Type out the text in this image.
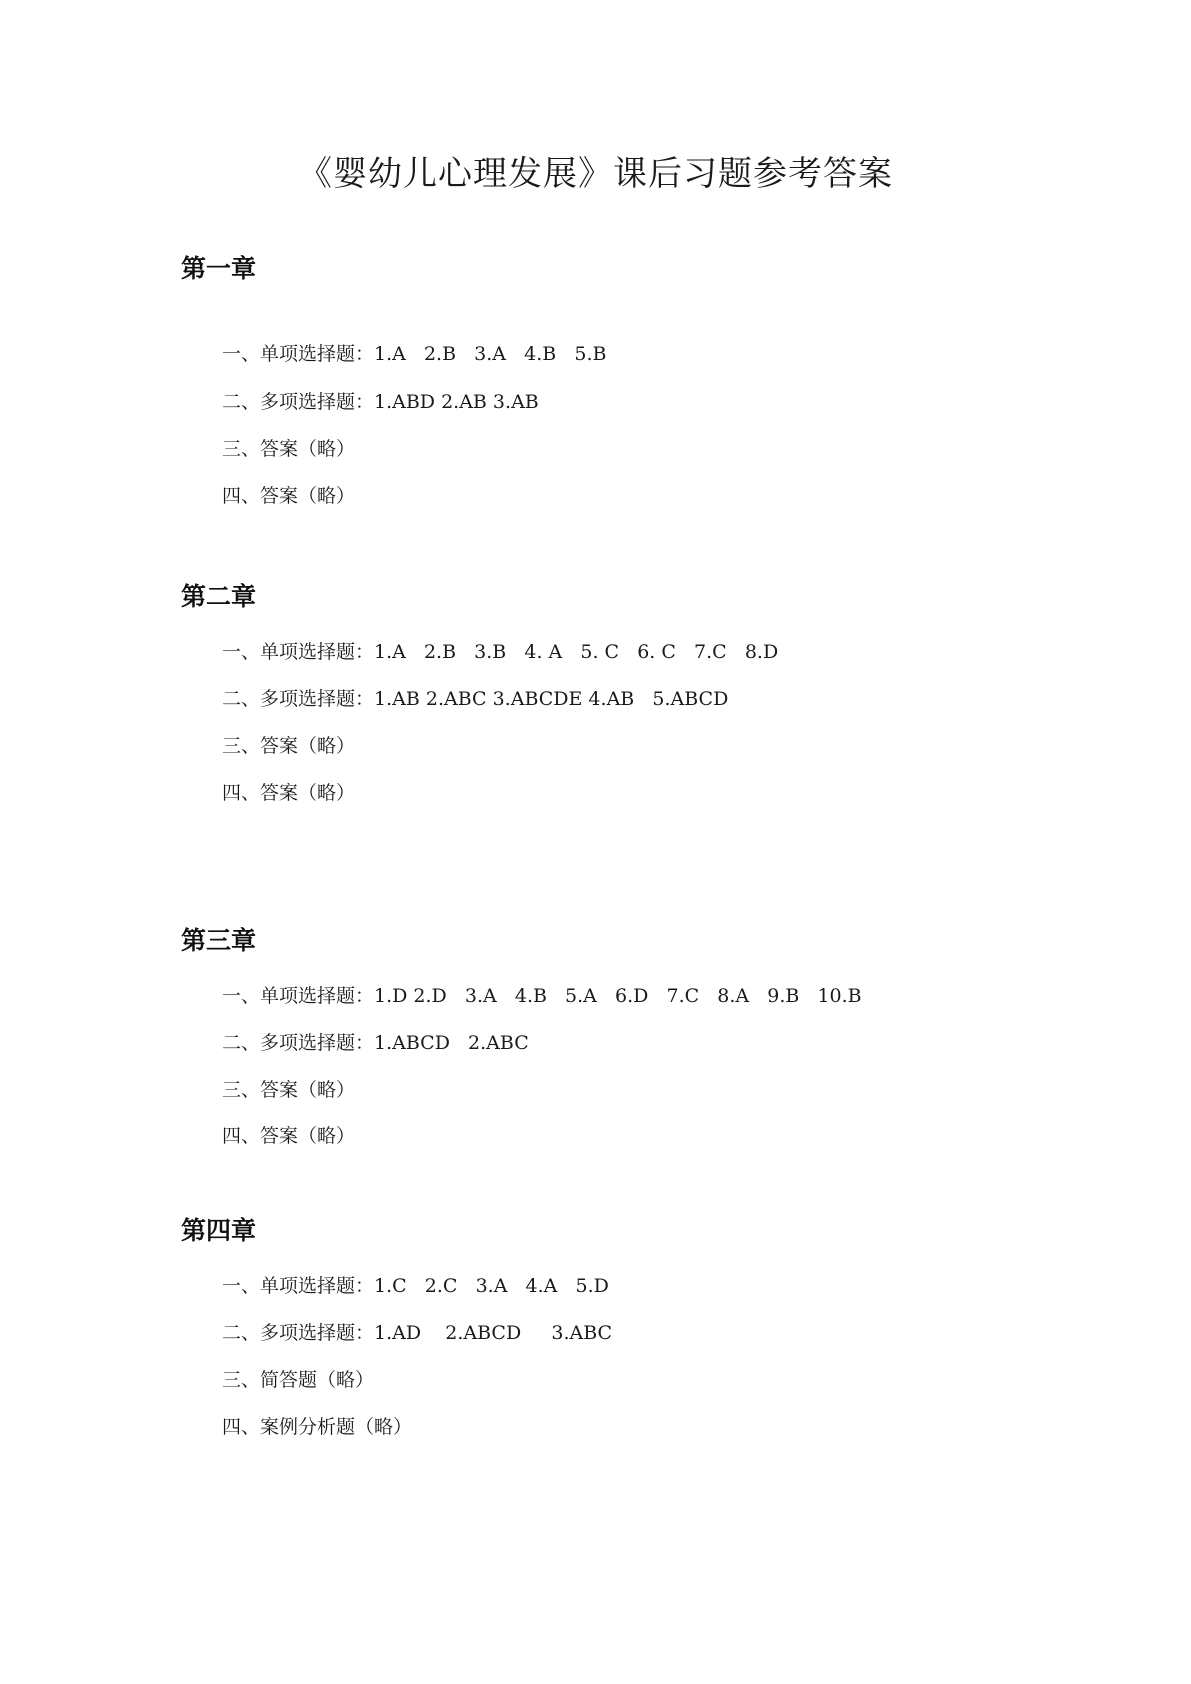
《婴幼儿心理发展》课后习题参考答案
第一章
一、单项选择题：1.A   2.B   3.A   4.B   5.B
二、多项选择题：1.ABD 2.AB 3.AB
三、答案（略）
四、答案（略）
第二章
一、单项选择题：1.A   2.B   3.B   4. A   5. C   6. C   7.C   8.D
二、多项选择题：1.AB 2.ABC 3.ABCDE 4.AB   5.ABCD
三、答案（略）
四、答案（略）
第三章
一、单项选择题：1.D 2.D   3.A   4.B   5.A   6.D   7.C   8.A   9.B   10.B
二、多项选择题：1.ABCD   2.ABC
三、答案（略）
四、答案（略）
第四章
一、单项选择题：1.C   2.C   3.A   4.A   5.D
二、多项选择题：1.AD    2.ABCD     3.ABC
三、简答题（略）
四、案例分析题（略）
